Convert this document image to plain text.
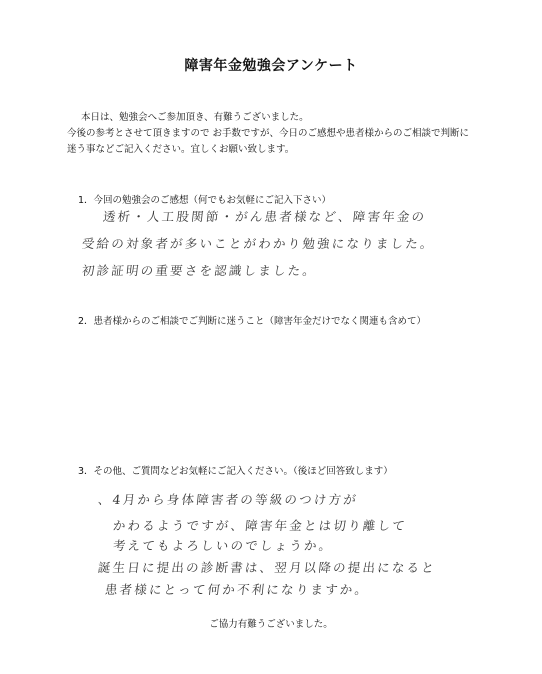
障害年金勉強会アンケート
本日は、勉強会へご参加頂き、有難うございました。
今後の参考とさせて頂きますので お手数ですが、今日のご感想や患者様からのご相談で判断に
迷う事などご記入ください。宜しくお願い致します。
1．今回の勉強会のご感想（何でもお気軽にご記入下さい）
透析・人工股関節・がん患者様など、障害年金の
受給の対象者が多いことがわかり勉強になりました。
初診証明の重要さを認識しました。
2．患者様からのご相談でご判断に迷うこと（障害年金だけでなく関連も含めて）
3．その他、ご質問などお気軽にご記入ください。（後ほど回答致します）
、4月から身体障害者の等級のつけ方が
かわるようですが、障害年金とは切り離して
考えてもよろしいのでしょうか。
誕生日に提出の診断書は、翌月以降の提出になると
患者様にとって何か不利になりますか。
ご協力有難うございました。
